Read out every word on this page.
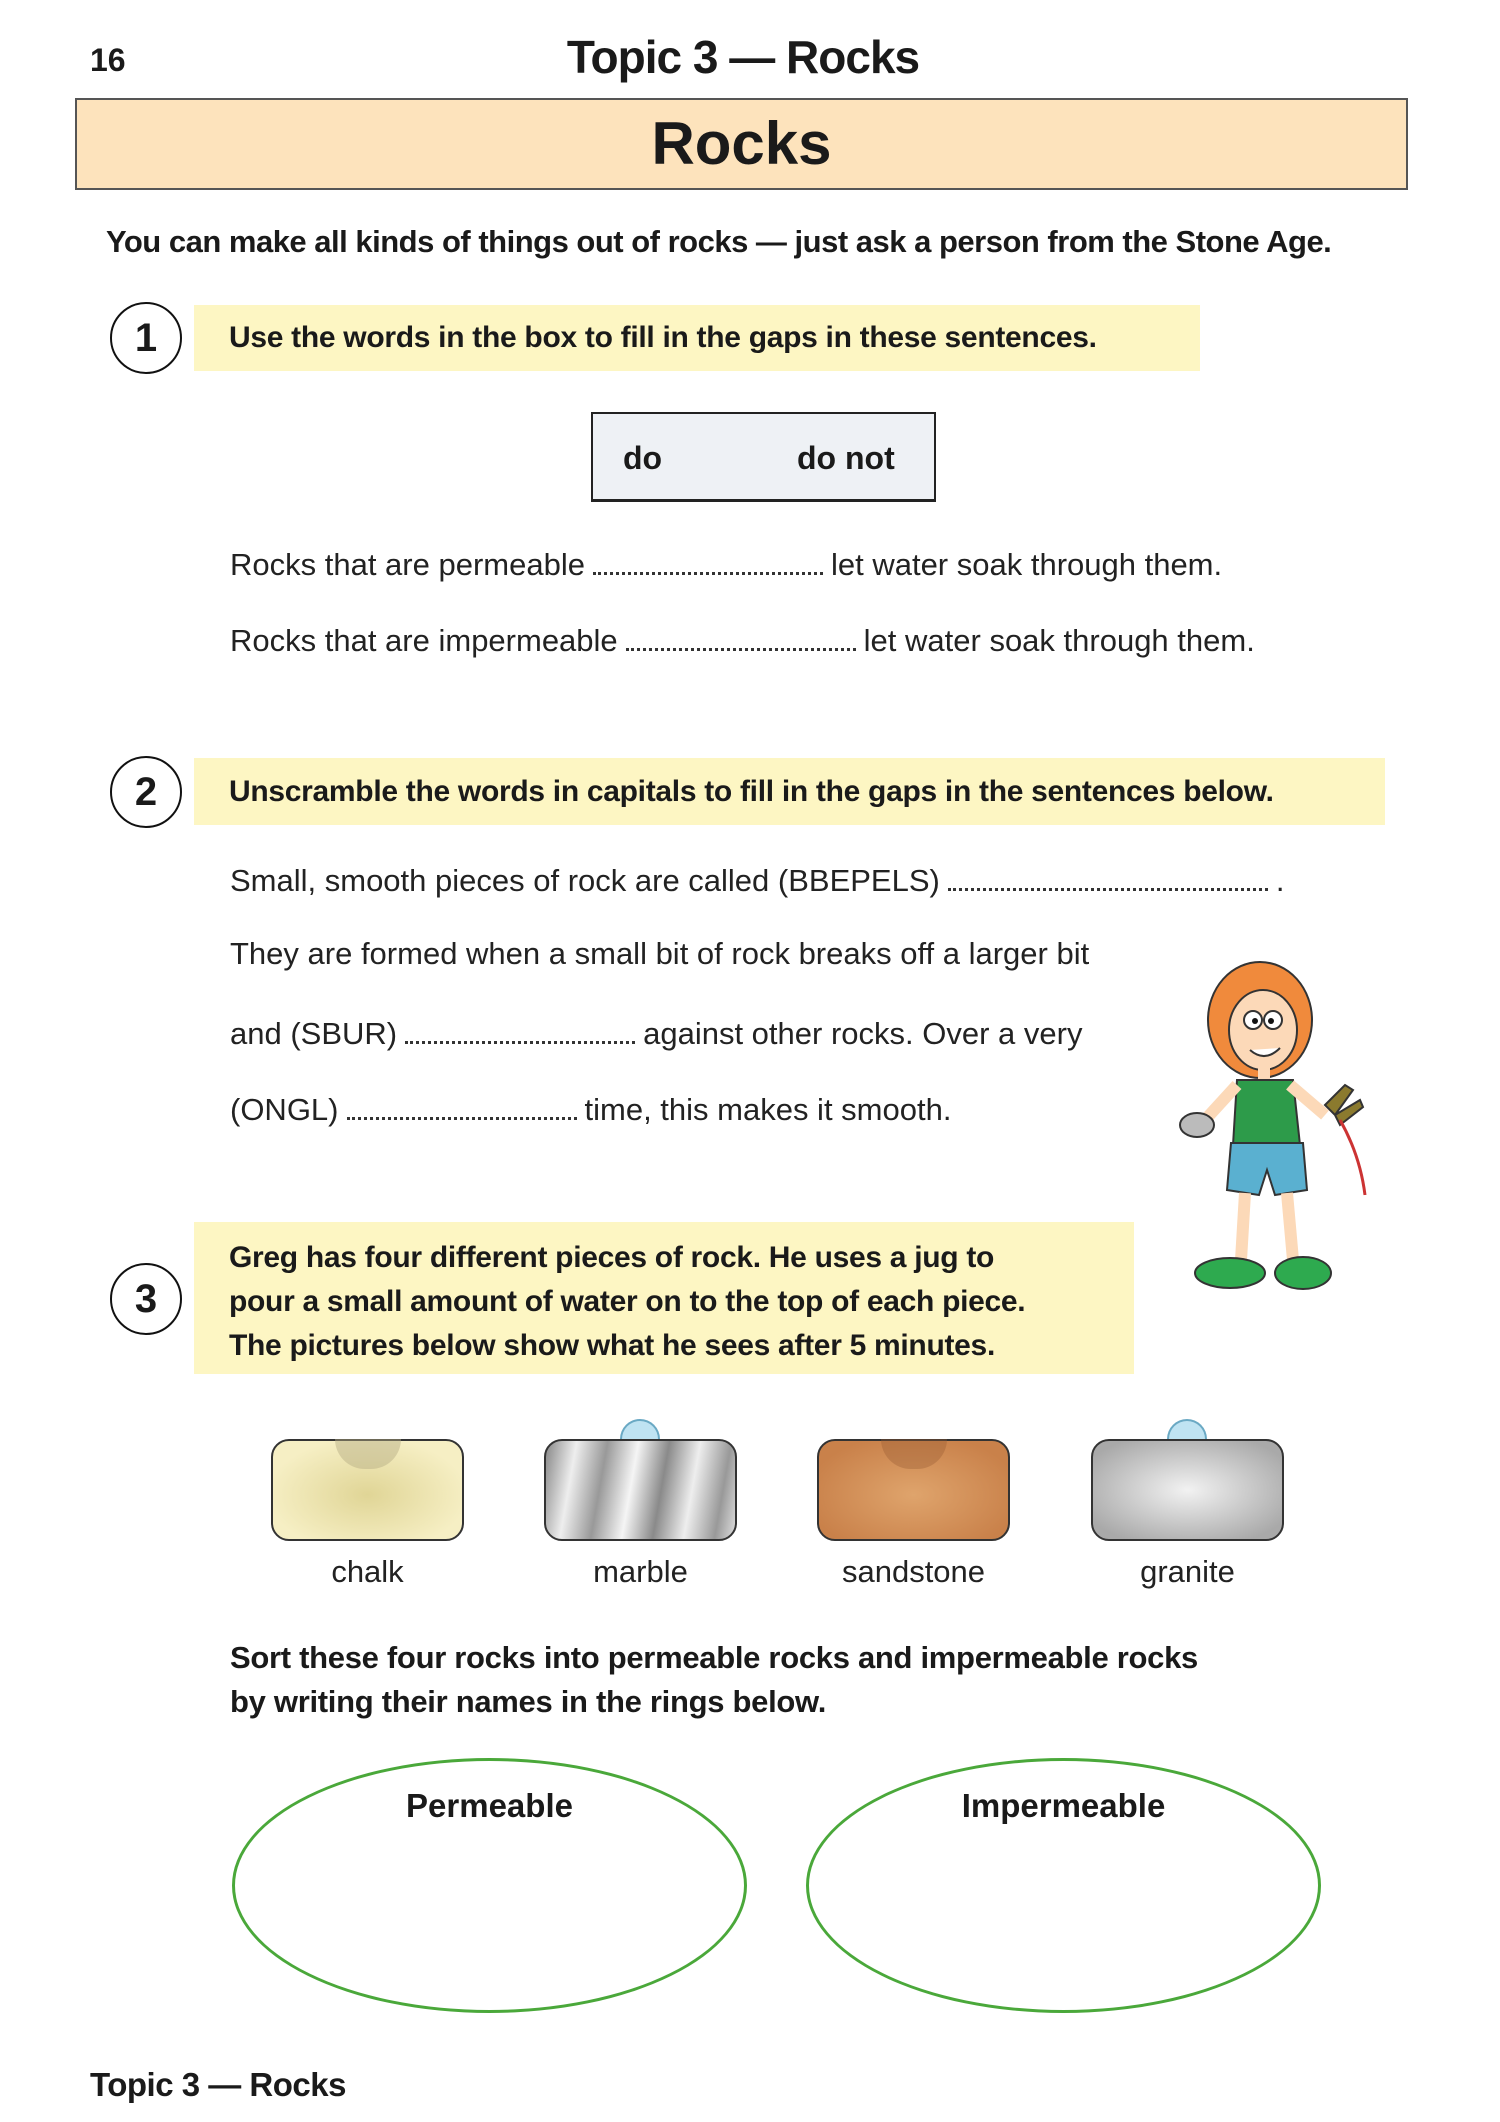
16	Topic 3 — Rocks
Rocks
You can make all kinds of things out of rocks — just ask a person from the Stone Age.
1	Use the words in the box to fill in the gaps in these sentences.
do	do not
Rocks that are permeable	let water soak through them.
Rocks that are impermeable	let water soak through them.
2	Unscramble the words in capitals to fill in the gaps in the sentences below.
Small, smooth pieces of rock are called (BBEPELS)	.
They are formed when a small bit of rock breaks off a larger bit
and (SBUR)	against other rocks. Over a very
(ONGL)	time, this makes it smooth.
3
Greg has four different pieces of rock. He uses a jug to
pour a small amount of water on to the top of each piece.
The pictures below show what he sees after 5 minutes.
chalk	marble	sandstone	granite
Sort these four rocks into permeable rocks and impermeable rocks
by writing their names in the rings below.
Permeable	Impermeable
Topic 3 — Rocks
